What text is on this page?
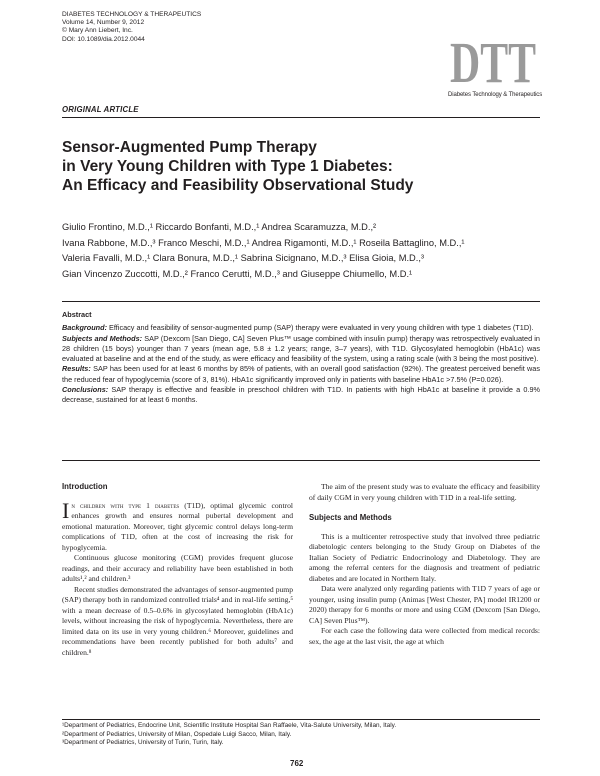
DIABETES TECHNOLOGY & THERAPEUTICS
Volume 14, Number 9, 2012
© Mary Ann Liebert, Inc.
DOI: 10.1089/dia.2012.0044	DTT
Diabetes Technology & Therapeutics
ORIGINAL ARTICLE
Sensor-Augmented Pump Therapy
in Very Young Children with Type 1 Diabetes:
An Efficacy and Feasibility Observational Study
Giulio Frontino, M.D.,¹ Riccardo Bonfanti, M.D.,¹ Andrea Scaramuzza, M.D.,²
Ivana Rabbone, M.D.,³ Franco Meschi, M.D.,¹ Andrea Rigamonti, M.D.,¹ Roseila Battaglino, M.D.,¹
Valeria Favalli, M.D.,¹ Clara Bonura, M.D.,¹ Sabrina Sicignano, M.D.,³ Elisa Gioia, M.D.,³
Gian Vincenzo Zuccotti, M.D.,² Franco Cerutti, M.D.,³ and Giuseppe Chiumello, M.D.¹
Abstract

Background: Efficacy and feasibility of sensor-augmented pump (SAP) therapy were evaluated in very young children with type 1 diabetes (T1D).

Subjects and Methods: SAP (Dexcom [San Diego, CA] Seven Plus™ usage combined with insulin pump) therapy was retrospectively evaluated in 28 children (15 boys) younger than 7 years (mean age, 5.8 ± 1.2 years; range, 3–7 years), with T1D. Glycosylated hemoglobin (HbA1c) was evaluated at baseline and at the end of the study, as were efficacy and feasibility of the system, using a rating scale (with 3 being the most positive).

Results: SAP has been used for at least 6 months by 85% of patients, with an overall good satisfaction (92%). The greatest perceived benefit was the reduced fear of hypoglycemia (score of 3, 81%). HbA1c significantly improved only in patients with baseline HbA1c >7.5% (P=0.026).

Conclusions: SAP therapy is effective and feasible in preschool children with T1D. In patients with high HbA1c at baseline it provide a 0.9% decrease, sustained for at least 6 months.

Introduction

In children with type 1 diabetes (T1D), optimal glycemic control enhances growth and ensures normal pubertal development and emotional maturation. Moreover, tight glycemic control delays long-term complications of T1D, often at the cost of increasing the risk for hypoglycemia.

Continuous glucose monitoring (CGM) provides frequent glucose readings, and their accuracy and reliability have been established in both adults¹,² and children.³

Recent studies demonstrated the advantages of sensor-augmented pump (SAP) therapy both in randomized controlled trials⁴ and in real-life setting,⁵ with a mean decrease of 0.5–0.6% in glycosylated hemoglobin (HbA1c) levels, without increasing the risk of hypoglycemia. Nevertheless, there are limited data on its use in very young children.⁶ Moreover, guidelines and recommendations have been recently published for both adults⁷ and children.⁸

The aim of the present study was to evaluate the efficacy and feasibility of daily CGM in very young children with T1D in a real-life setting.

Subjects and Methods

This is a multicenter retrospective study that involved three pediatric diabetologic centers belonging to the Study Group on Diabetes of the Italian Society of Pediatric Endocrinology and Diabetology. They are among the referral centers for the diagnosis and treatment of pediatric diabetes and are located in Northern Italy.

Data were analyzed only regarding patients with T1D 7 years of age or younger, using insulin pump (Animas [West Chester, PA] model IR1200 or 2020) therapy for 6 months or more and using CGM (Dexcom [San Diego, CA] Seven Plus™).

For each case the following data were collected from medical records: sex, the age at the last visit, the age at which

¹Department of Pediatrics, Endocrine Unit, Scientific Institute Hospital San Raffaele, Vita-Salute University, Milan, Italy.
²Department of Pediatrics, University of Milan, Ospedale Luigi Sacco, Milan, Italy.
³Department of Pediatrics, University of Turin, Turin, Italy.
762
